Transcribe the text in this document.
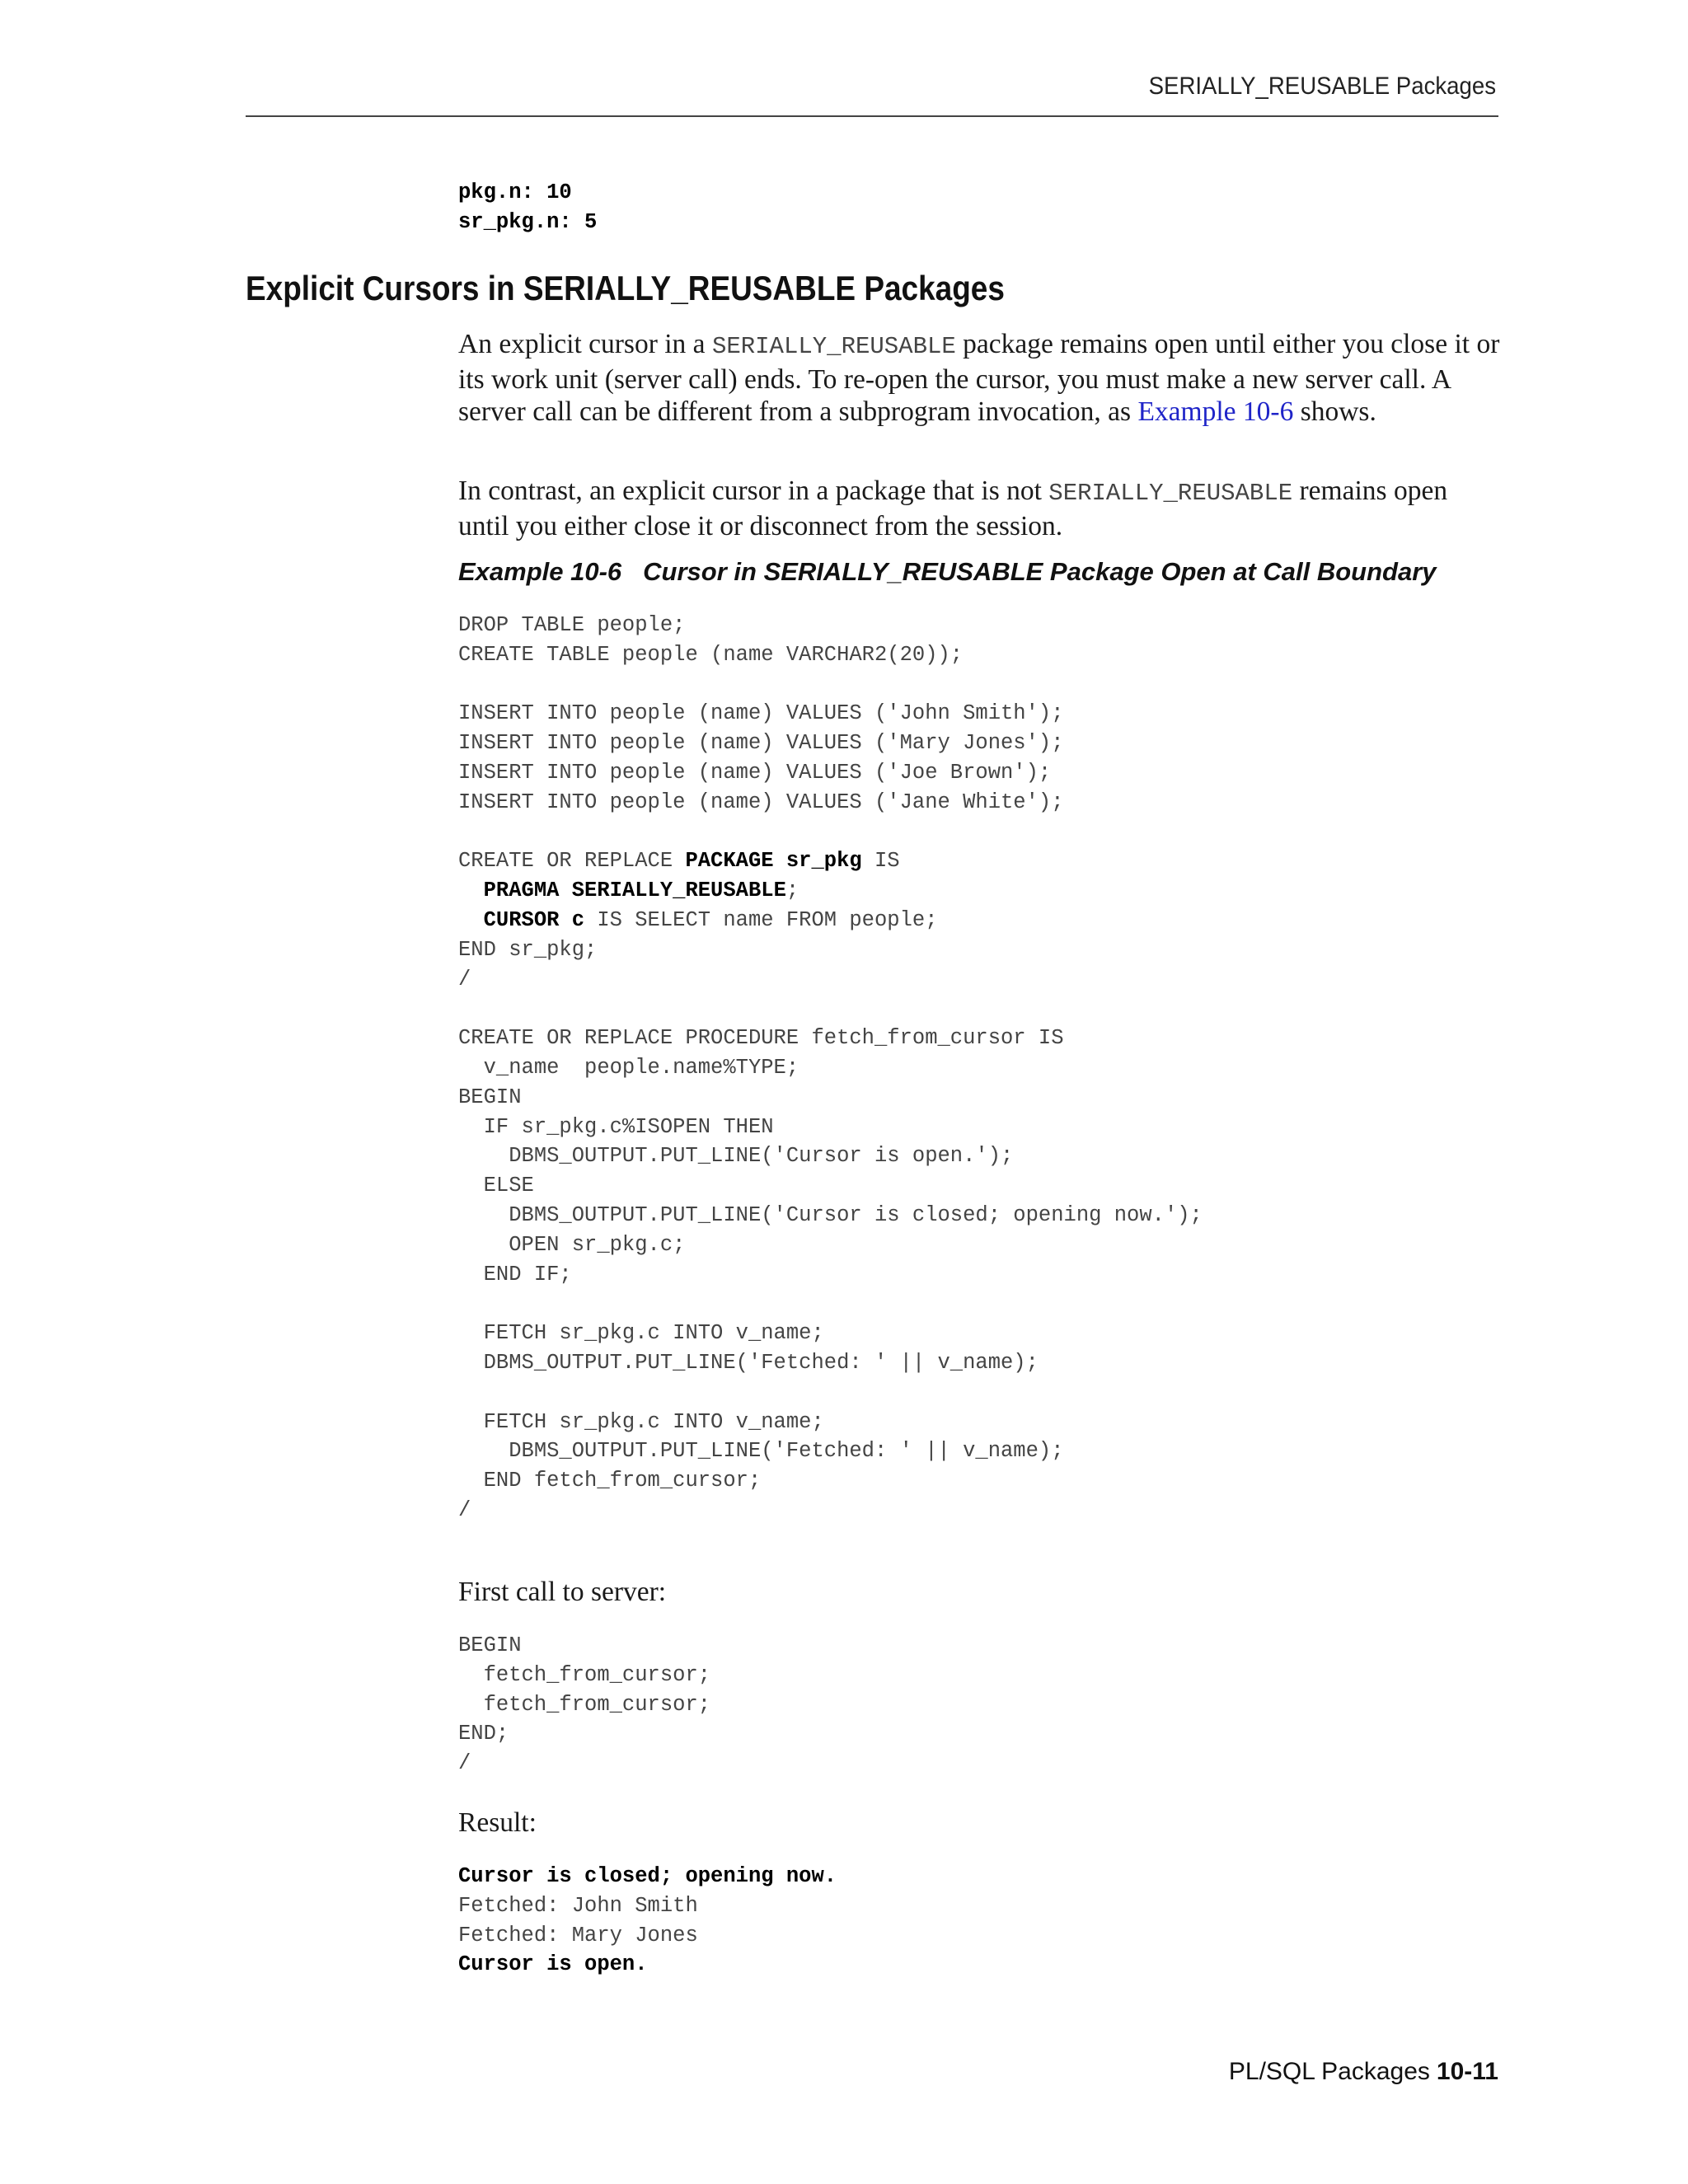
SERIALLY_REUSABLE Packages
pkg.n: 10
sr_pkg.n: 5
Explicit Cursors in SERIALLY_REUSABLE Packages

An explicit cursor in a SERIALLY_REUSABLE package remains open until either you close it or its work unit (server call) ends. To re-open the cursor, you must make a new server call. A server call can be different from a subprogram invocation, as Example 10-6 shows.

In contrast, an explicit cursor in a package that is not SERIALLY_REUSABLE remains open until you either close it or disconnect from the session.

Example 10-6 Cursor in SERIALLY_REUSABLE Package Open at Call Boundary
DROP TABLE people;
CREATE TABLE people (name VARCHAR2(20));

INSERT INTO people (name) VALUES ('John Smith');
INSERT INTO people (name) VALUES ('Mary Jones');
INSERT INTO people (name) VALUES ('Joe Brown');
INSERT INTO people (name) VALUES ('Jane White');

CREATE OR REPLACE PACKAGE sr_pkg IS
PRAGMA SERIALLY_REUSABLE;
CURSOR c IS SELECT name FROM people;
END sr_pkg;
/

CREATE OR REPLACE PROCEDURE fetch_from_cursor IS
v_name  people.name%TYPE;
BEGIN
IF sr_pkg.c%ISOPEN THEN
DBMS_OUTPUT.PUT_LINE('Cursor is open.');
ELSE
DBMS_OUTPUT.PUT_LINE('Cursor is closed; opening now.');
OPEN sr_pkg.c;
END IF;

FETCH sr_pkg.c INTO v_name;
DBMS_OUTPUT.PUT_LINE('Fetched: ' || v_name);

FETCH sr_pkg.c INTO v_name;
DBMS_OUTPUT.PUT_LINE('Fetched: ' || v_name);
END fetch_from_cursor;
/
First call to server:
BEGIN
fetch_from_cursor;
fetch_from_cursor;
END;
/
Result:
Cursor is closed; opening now.
Fetched: John Smith
Fetched: Mary Jones
Cursor is open.
PL/SQL Packages 10-11
